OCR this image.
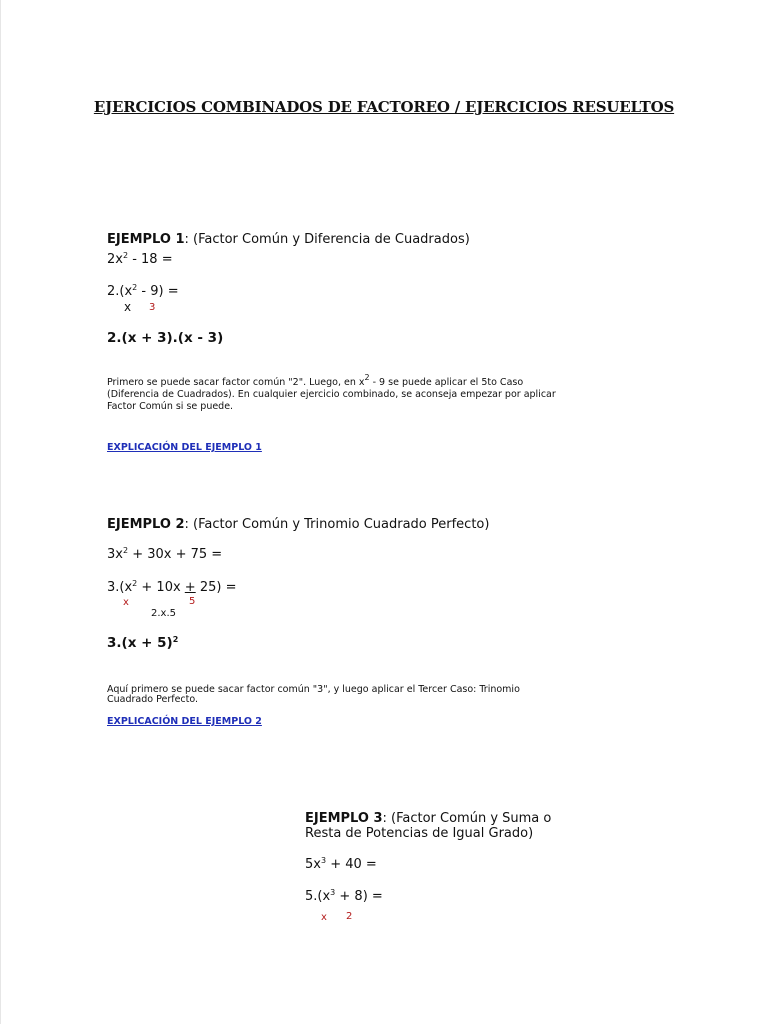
EJERCICIOS COMBINADOS DE FACTOREO / EJERCICIOS RESUELTOS
EJEMPLO 1: (Factor Común y Diferencia de Cuadrados)
$2x^2 - 18$ =
$2.(x^2 - 9)$ =
x 3
2.(x + 3).(x - 3)
Primero se puede sacar factor común "2". Luego, en $x^2 - 9$ se puede aplicar el 5to Caso (Diferencia de Cuadrados). En cualquier ejercicio combinado, se aconseja empezar por aplicar Factor Común si se puede.
EXPLICACIÓN DEL EJEMPLO 1
EJEMPLO 2: (Factor Común y Trinomio Cuadrado Perfecto)
$3x^2 + 30x + 75$ =
$3.(x^2 + 10x + 25)$ =
x	5
2.x.5
$3.(x + 5)^2$
Aquí primero se puede sacar factor común "3", y luego aplicar el Tercer Caso: Trinomio Cuadrado Perfecto.
EXPLICACIÓN DEL EJEMPLO 2
EJEMPLO 3: (Factor Común y Suma o
Resta de Potencias de Igual Grado)
$5x^3 + 40$ =
$5.(x^3 + 8)$ =
x 2
